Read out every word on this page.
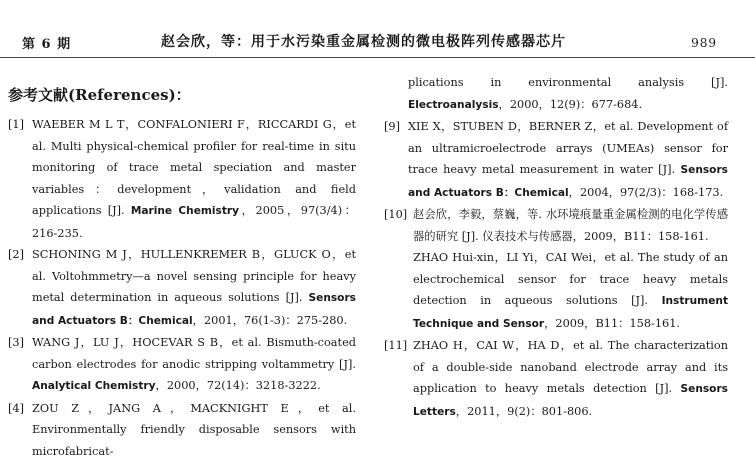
第 6 期	赵会欣，等：用于水污染重金属检测的微电极阵列传感器芯片	989
参考文献(References)：
[1] WAEBER M L T，CONFALONIERI F，RICCARDI G，et al. Multi physical-chemical profiler for real-time in situ monitoring of trace metal speciation and master variables：development，validation and field applications [J]. Marine Chemistry，2005，97(3/4)：216-235.
[2] SCHONING M J，HULLENKREMER B，GLUCK O，et al. Voltohmmetry—a novel sensing principle for heavy metal determination in aqueous solutions [J]. Sensors and Actuators B：Chemical，2001，76(1-3)：275-280.
[3] WANG J，LU J，HOCEVAR S B，et al. Bismuth-coated carbon electrodes for anodic stripping voltammetry [J]. Analytical Chemistry，2000，72(14)：3218-3222.
[4] ZOU Z，JANG A，MACKNIGHT E，et al. Environmentally friendly disposable sensors with microfabricat-
plications in environmental analysis [J]. Electroanalysis，2000，12(9)：677-684.
[9] XIE X，STUBEN D，BERNER Z，et al. Development of an ultramicroelectrode arrays (UMEAs) sensor for trace heavy metal measurement in water [J]. Sensors and Actuators B：Chemical，2004，97(2/3)：168-173.
[10] 赵会欣，李毅，蔡巍，等. 水环境痕量重金属检测的电化学传感器的研究 [J]. 仪表技术与传感器，2009，B11：158-161.
ZHAO Hui-xin，LI Yi，CAI Wei，et al. The study of an electrochemical sensor for trace heavy metals detection in aqueous solutions [J]. Instrument Technique and Sensor，2009，B11：158-161.
[11] ZHAO H，CAI W，HA D，et al. The characterization of a double-side nanoband electrode array and its application to heavy metals detection [J]. Sensors Letters，2011，9(2)：801-806.
